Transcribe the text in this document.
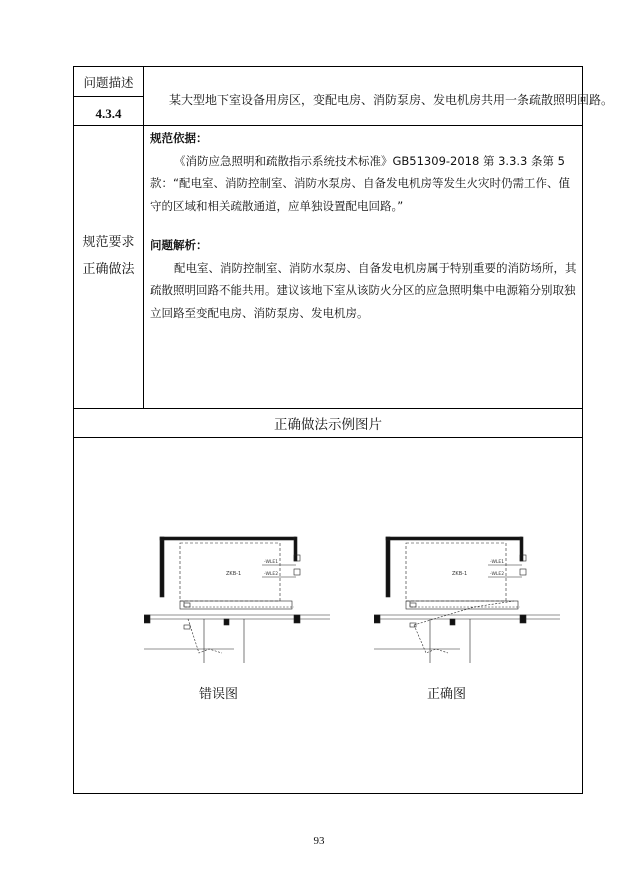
问题描述
4.3.4
某大型地下室设备用房区，变配电房、消防泵房、发电机房共用一条疏散照明回路。
规范要求
正确做法
规范依据：

《消防应急照明和疏散指示系统技术标准》GB51309-2018 第 3.3.3 条第 5 款：“配电室、消防控制室、消防水泵房、自备发电机房等发生火灾时仍需工作、值守的区域和相关疏散通道，应单独设置配电回路。”

问题解析：

配电室、消防控制室、消防水泵房、自备发电机房属于特别重要的消防场所，其疏散照明回路不能共用。建议该地下室从该防火分区的应急照明集中电源箱分别取独立回路至变配电房、消防泵房、发电机房。

正确做法示例图片
ZKB-1
-WLE1
-WLE2	ZKB-1
-WLE1
-WLE2
错误图	正确图
93
